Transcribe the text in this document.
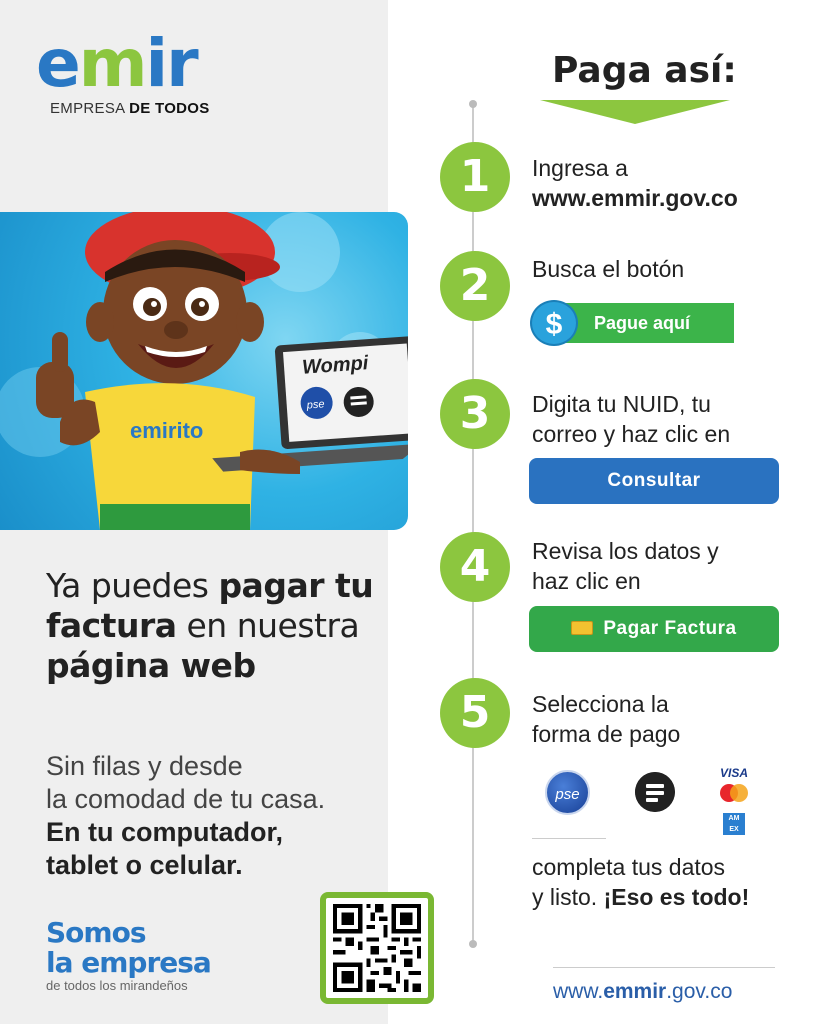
e m ir
EMPRESA DE TODOS
emirito
Wompi
pse
Ya puedes pagar tu factura en nuestra
página web
Sin filas y desde
la comodad de tu casa.
En tu computador,
tablet o celular.
Somos
la empresa
de todos los mirandeños
Paga así:
1	Ingresa a
www.emmir.gov.co
2	Busca el botón
Pague aquí
$
3	Digita tu NUID, tu
correo y haz clic en
Consultar
4	Revisa los datos y
haz clic en
Pagar Factura
5	Selecciona la
forma de pago
pse
VISA
AM EX
completa tus datos
y listo. ¡Eso es todo!
www.emmir.gov.co
